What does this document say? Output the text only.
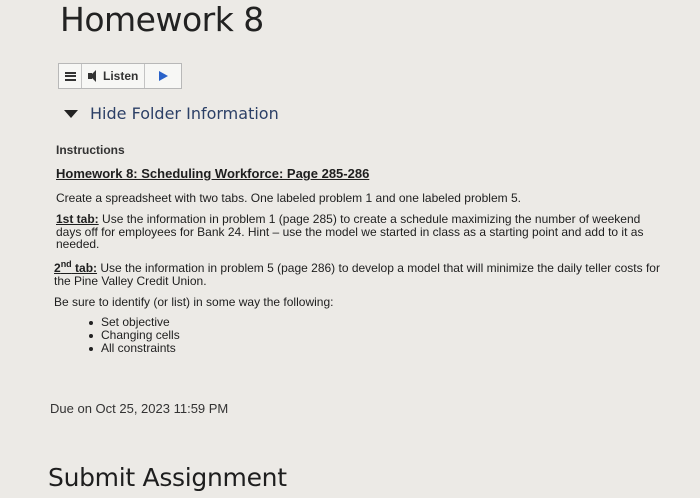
Homework 8
Listen
Hide Folder Information
Instructions
Homework 8: Scheduling Workforce: Page 285-286
Create a spreadsheet with two tabs. One labeled problem 1 and one labeled problem 5.
1st tab: Use the information in problem 1 (page 285) to create a schedule maximizing the number of weekend days off for employees for Bank 24. Hint – use the model we started in class as a starting point and add to it as needed.
2nd tab: Use the information in problem 5 (page 286) to develop a model that will minimize the daily teller costs for the Pine Valley Credit Union.
Be sure to identify (or list) in some way the following:
Set objective
Changing cells
All constraints
Due on Oct 25, 2023 11:59 PM
Submit Assignment
